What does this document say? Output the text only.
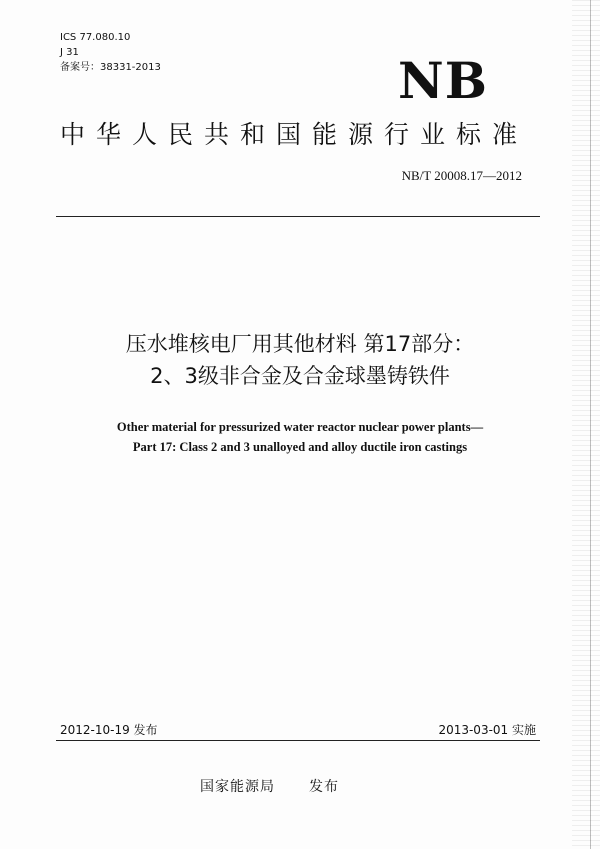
ICS 77.080.10
J 31
备案号：38331-2013	NB
中华人民共和国能源行业标准
NB/T 20008.17—2012
压水堆核电厂用其他材料 第17部分：
2、3级非合金及合金球墨铸铁件
Other material for pressurized water reactor nuclear power plants—
Part 17: Class 2 and 3 unalloyed and alloy ductile iron castings
2012-10-19 发布	2013-03-01 实施
国家能源局 发布
